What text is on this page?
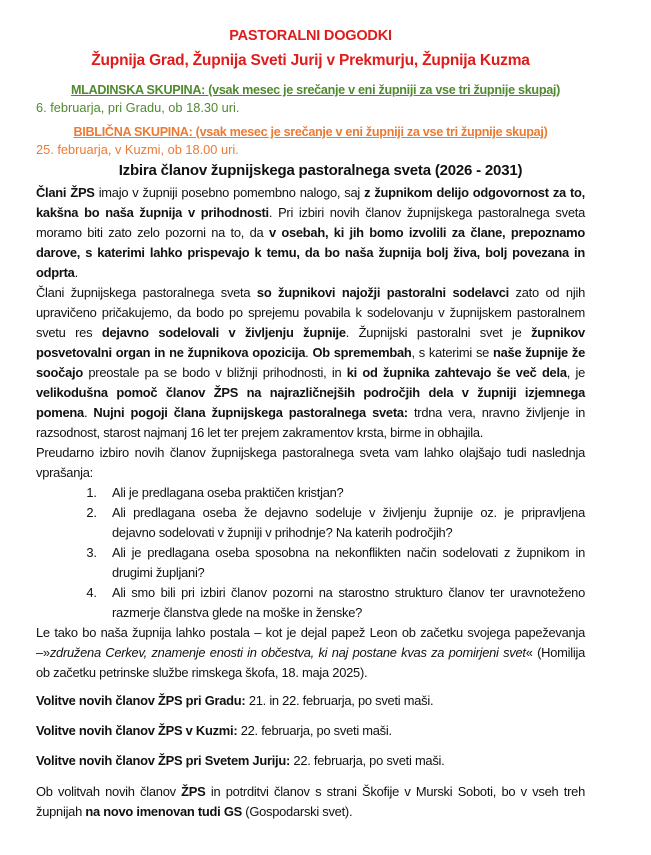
PASTORALNI DOGODKI
Župnija Grad, Župnija Sveti Jurij v Prekmurju, Župnija Kuzma

MLADINSKA SKUPINA: (vsak mesec je srečanje v eni župniji za vse tri župnije skupaj)

6. februarja, pri Gradu, ob 18.30 uri.

BIBLIČNA SKUPINA: (vsak mesec je srečanje v eni župniji za vse tri župnije skupaj)

25. februarja, v Kuzmi, ob 18.00 uri.

Izbira članov župnijskega pastoralnega sveta (2026 - 2031)

Člani ŽPS imajo v župniji posebno pomembno nalogo, saj z župnikom delijo odgovornost za to, kakšna bo naša župnija v prihodnosti. Pri izbiri novih članov župnijskega pastoralnega sveta moramo biti zato zelo pozorni na to, da v osebah, ki jih bomo izvolili za člane, prepoznamo darove, s katerimi lahko prispevajo k temu, da bo naša župnija bolj živa, bolj povezana in odprta.

Člani župnijskega pastoralnega sveta so župnikovi najožji pastoralni sodelavci zato od njih upravičeno pričakujemo, da bodo po sprejemu povabila k sodelovanju v župnijskem pastoralnem svetu res dejavno sodelovali v življenju župnije. Župnijski pastoralni svet je župnikov posvetovalni organ in ne župnikova opozicija. Ob spremembah, s katerimi se naše župnije že soočajo preostale pa se bodo v bližnji prihodnosti, in ki od župnika zahtevajo še več dela, je velikodušna pomoč članov ŽPS na najrazličnejših področjih dela v župniji izjemnega pomena. Nujni pogoji člana župnijskega pastoralnega sveta: trdna vera, nravno življenje in razsodnost, starost najmanj 16 let ter prejem zakramentov krsta, birme in obhajila.

Preudarno izbiro novih članov župnijskega pastoralnega sveta vam lahko olajšajo tudi naslednja vprašanja:

1. Ali je predlagana oseba praktičen kristjan?
2. Ali predlagana oseba že dejavno sodeluje v življenju župnije oz. je pripravljena dejavno sodelovati v župniji v prihodnje? Na katerih področjih?
3. Ali je predlagana oseba sposobna na nekonflikten način sodelovati z župnikom in drugimi župljani?
4. Ali smo bili pri izbiri članov pozorni na starostno strukturo članov ter uravnoteženo razmerje članstva glede na moške in ženske?

Le tako bo naša župnija lahko postala – kot je dejal papež Leon ob začetku svojega papeževanja –»združena Cerkev, znamenje enosti in občestva, ki naj postane kvas za pomirjeni svet« (Homilija ob začetku petrinske službe rimskega škofa, 18. maja 2025).

Volitve novih članov ŽPS pri Gradu: 21. in 22. februarja, po sveti maši.

Volitve novih članov ŽPS v Kuzmi: 22. februarja, po sveti maši.

Volitve novih članov ŽPS pri Svetem Juriju: 22. februarja, po sveti maši.

Ob volitvah novih članov ŽPS in potrditvi članov s strani Škofije v Murski Soboti, bo v vseh treh župnijah na novo imenovan tudi GS (Gospodarski svet).
